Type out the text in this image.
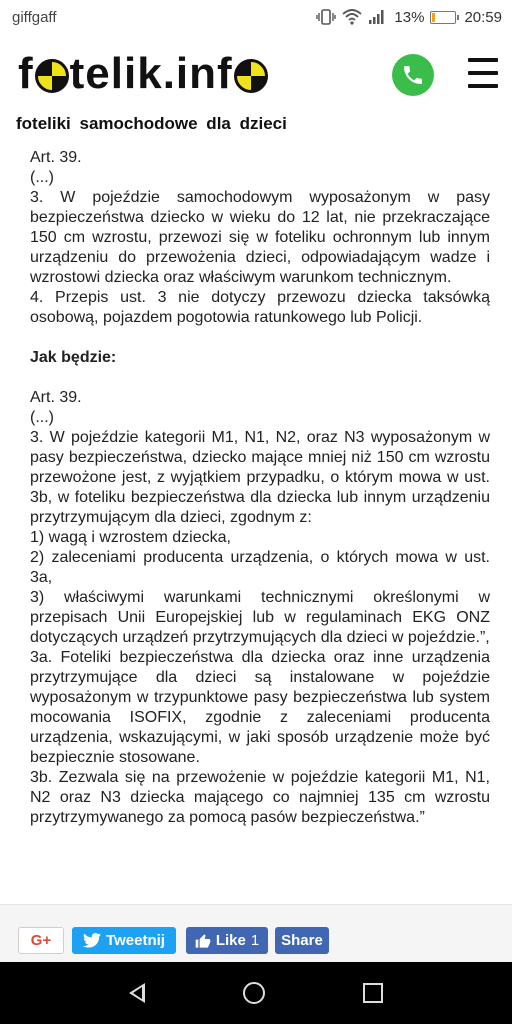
giffgaff	13%	20:59
f telik.inf
foteliki samochodowe dla dzieci

Art. 39.

(...)

3. W pojeździe samochodowym wyposażonym w pasy bezpieczeństwa dziecko w wieku do 12 lat, nie przekraczające 150 cm wzrostu, przewozi się w foteliku ochronnym lub innym urządzeniu do przewożenia dzieci, odpowiadającym wadze i wzrostowi dziecka oraz właściwym warunkom technicznym.

4. Przepis ust. 3 nie dotyczy przewozu dziecka taksówką osobową, pojazdem pogotowia ratunkowego lub Policji.

Jak będzie:

Art. 39.

(...)

3. W pojeździe kategorii M1, N1, N2, oraz N3 wyposażonym w pasy bezpieczeństwa, dziecko mające mniej niż 150 cm wzrostu przewożone jest, z wyjątkiem przypadku, o którym mowa w ust. 3b, w foteliku bezpieczeństwa dla dziecka lub innym urządzeniu przytrzymującym dla dzieci, zgodnym z:

1) wagą i wzrostem dziecka,

2) zaleceniami producenta urządzenia, o których mowa w ust. 3a,

3) właściwymi warunkami technicznymi określonymi w przepisach Unii Europejskiej lub w regulaminach EKG ONZ dotyczących urządzeń przytrzymujących dla dzieci w pojeździe.”,

3a. Foteliki bezpieczeństwa dla dziecka oraz inne urządzenia przytrzymujące dla dzieci są instalowane w pojeździe wyposażonym w trzypunktowe pasy bezpieczeństwa lub system mocowania ISOFIX, zgodnie z zaleceniami producenta urządzenia, wskazującymi, w jaki sposób urządzenie może być bezpiecznie stosowane.

3b. Zezwala się na przewożenie w pojeździe kategorii M1, N1, N2 oraz N3 dziecka mającego co najmniej 135 cm wzrostu przytrzymywanego za pomocą pasów bezpieczeństwa.”

G+	Tweetnij	Like 1 Share
